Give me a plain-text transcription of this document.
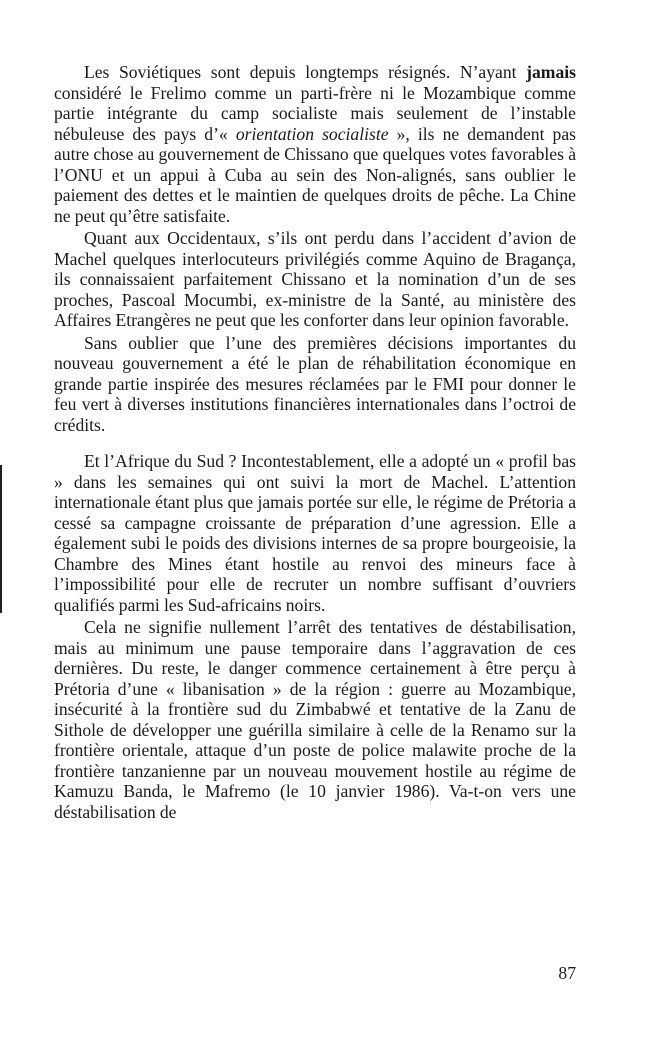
Les Soviétiques sont depuis longtemps résignés. N’ayant jamais considéré le Frelimo comme un parti-frère ni le Mozambique comme partie intégrante du camp socialiste mais seulement de l’instable nébuleuse des pays d’« orientation socialiste », ils ne demandent pas autre chose au gouvernement de Chissano que quelques votes favorables à l’ONU et un appui à Cuba au sein des Non-alignés, sans oublier le paiement des dettes et le maintien de quelques droits de pêche. La Chine ne peut qu’être satisfaite.

Quant aux Occidentaux, s’ils ont perdu dans l’accident d’avion de Machel quelques interlocuteurs privilégiés comme Aquino de Bragança, ils connaissaient parfaitement Chissano et la nomination d’un de ses proches, Pascoal Mocumbi, ex-ministre de la Santé, au ministère des Affaires Etrangères ne peut que les conforter dans leur opinion favorable.

Sans oublier que l’une des premières décisions importantes du nouveau gouvernement a été le plan de réhabilitation économique en grande partie inspirée des mesures réclamées par le FMI pour donner le feu vert à diverses institutions financières internationales dans l’octroi de crédits.

Et l’Afrique du Sud ? Incontestablement, elle a adopté un « profil bas » dans les semaines qui ont suivi la mort de Machel. L’attention internationale étant plus que jamais portée sur elle, le régime de Prétoria a cessé sa campagne croissante de préparation d’une agression. Elle a également subi le poids des divisions internes de sa propre bourgeoisie, la Chambre des Mines étant hostile au renvoi des mineurs face à l’impossibilité pour elle de recruter un nombre suffisant d’ouvriers qualifiés parmi les Sud-africains noirs.

Cela ne signifie nullement l’arrêt des tentatives de déstabilisation, mais au minimum une pause temporaire dans l’aggravation de ces dernières. Du reste, le danger commence certainement à être perçu à Prétoria d’une « libanisation » de la région : guerre au Mozambique, insécurité à la frontière sud du Zimbabwé et tentative de la Zanu de Sithole de développer une guérilla similaire à celle de la Renamo sur la frontière orientale, attaque d’un poste de police malawite proche de la frontière tanzanienne par un nouveau mouvement hostile au régime de Kamuzu Banda, le Mafremo (le 10 janvier 1986). Va-t-on vers une déstabilisation de

87
